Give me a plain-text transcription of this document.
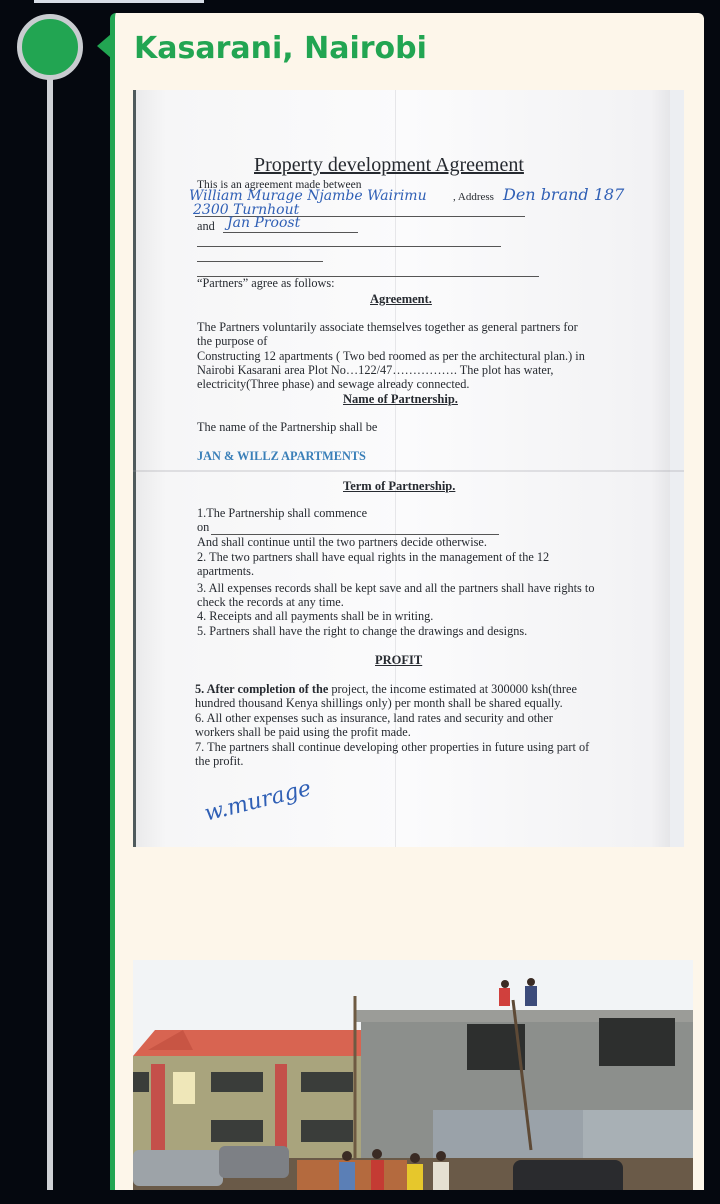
Kasarani, Nairobi
Property development Agreement
This is an agreement made between
William Murage Njambe Wairimu , Address Den brand 187
2300 Turnhout
and Jan Proost
“Partners” agree as follows:
Agreement.
The Partners voluntarily associate themselves together as general partners for
the purpose of
Constructing 12 apartments ( Two bed roomed as per the architectural plan.) in
Nairobi Kasarani area Plot No…122/47……………. The plot has water,
electricity(Three phase) and sewage already connected.
Name of Partnership.
The name of the Partnership shall be
JAN & WILLZ APARTMENTS
Term of Partnership.
1.The Partnership shall commence
on
And shall continue until the two partners decide otherwise.
2. The two partners shall have equal rights in the management of the 12
apartments.
3. All expenses records shall be kept save and all the partners shall have rights to
check the records at any time.
4. Receipts and all payments shall be in writing.
5. Partners shall have the right to change the drawings and designs.
PROFIT
5. After completion of the project, the income estimated at 300000 ksh(three
hundred thousand Kenya shillings only) per month shall be shared equally.
6. All other expenses such as insurance, land rates and security and other
workers shall be paid using the profit made.
7. The partners shall continue developing other properties in future using part of
the profit.
w.murage
